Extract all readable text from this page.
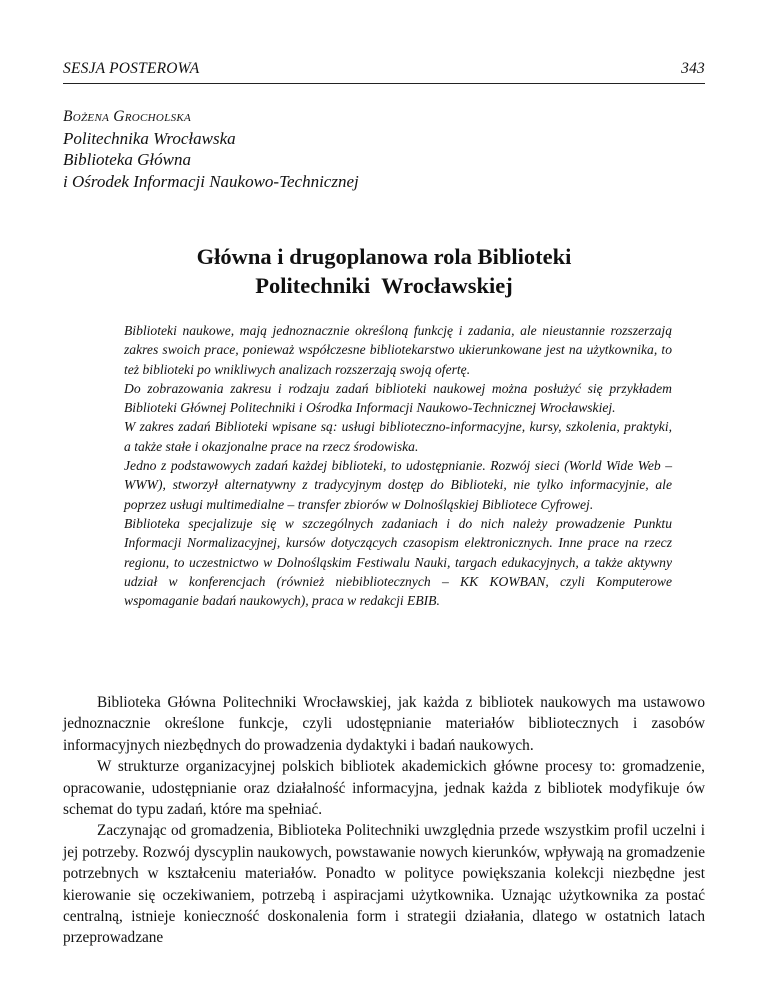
SESJA POSTEROWA	343
Bożena Grocholska
Politechnika Wrocławska
Biblioteka Główna
i Ośrodek Informacji Naukowo-Technicznej
Główna i drugoplanowa rola Biblioteki
Politechniki  Wrocławskiej

Biblioteki naukowe, mają jednoznacznie określoną funkcję i zadania, ale nieustannie rozszerzają zakres swoich prace, ponieważ współczesne bibliotekarstwo ukierunkowane jest na użytkownika, to też biblioteki po wnikliwych analizach rozszerzają swoją ofertę.

Do zobrazowania zakresu i rodzaju zadań biblioteki naukowej można posłużyć się przykładem Biblioteki Głównej Politechniki i Ośrodka Informacji Naukowo-Technicznej Wrocławskiej.

W zakres zadań Biblioteki wpisane są: usługi biblioteczno-informacyjne, kursy, szkolenia, praktyki, a także stałe i okazjonalne prace na rzecz środowiska.

Jedno z podstawowych zadań każdej biblioteki, to udostępnianie. Rozwój sieci (World Wide Web – WWW), stworzył alternatywny z tradycyjnym dostęp do Biblioteki, nie tylko informacyjnie, ale poprzez usługi multimedialne – transfer zbiorów w Dolnośląskiej Bibliotece Cyfrowej.

Biblioteka specjalizuje się w szczególnych zadaniach i do nich należy prowadzenie Punktu Informacji Normalizacyjnej, kursów dotyczących czasopism elektronicznych. Inne prace na rzecz regionu, to uczestnictwo w Dolnośląskim Festiwalu Nauki, targach edukacyjnych, a także aktywny udział w konferencjach (również niebibliotecznych – KK KOWBAN, czyli Komputerowe wspomaganie badań naukowych), praca w redakcji EBIB.

Biblioteka Główna Politechniki Wrocławskiej, jak każda z bibliotek naukowych ma ustawowo jednoznacznie określone funkcje, czyli udostępnianie materiałów bibliotecznych i zasobów informacyjnych niezbędnych do prowadzenia dydaktyki i badań naukowych.

W strukturze organizacyjnej polskich bibliotek akademickich główne procesy to: gromadzenie, opracowanie, udostępnianie oraz działalność informacyjna, jednak każda z bibliotek modyfikuje ów schemat do typu zadań, które ma spełniać.

Zaczynając od gromadzenia, Biblioteka Politechniki uwzględnia przede wszystkim profil uczelni i jej potrzeby. Rozwój dyscyplin naukowych, powstawanie nowych kierunków, wpływają na gromadzenie potrzebnych w kształceniu materiałów. Ponadto w polityce powiększania kolekcji niezbędne jest kierowanie się oczekiwaniem, potrzebą i aspiracjami użytkownika. Uznając użytkownika za postać centralną, istnieje konieczność doskonalenia form i strategii działania, dlatego w ostatnich latach przeprowadzane
